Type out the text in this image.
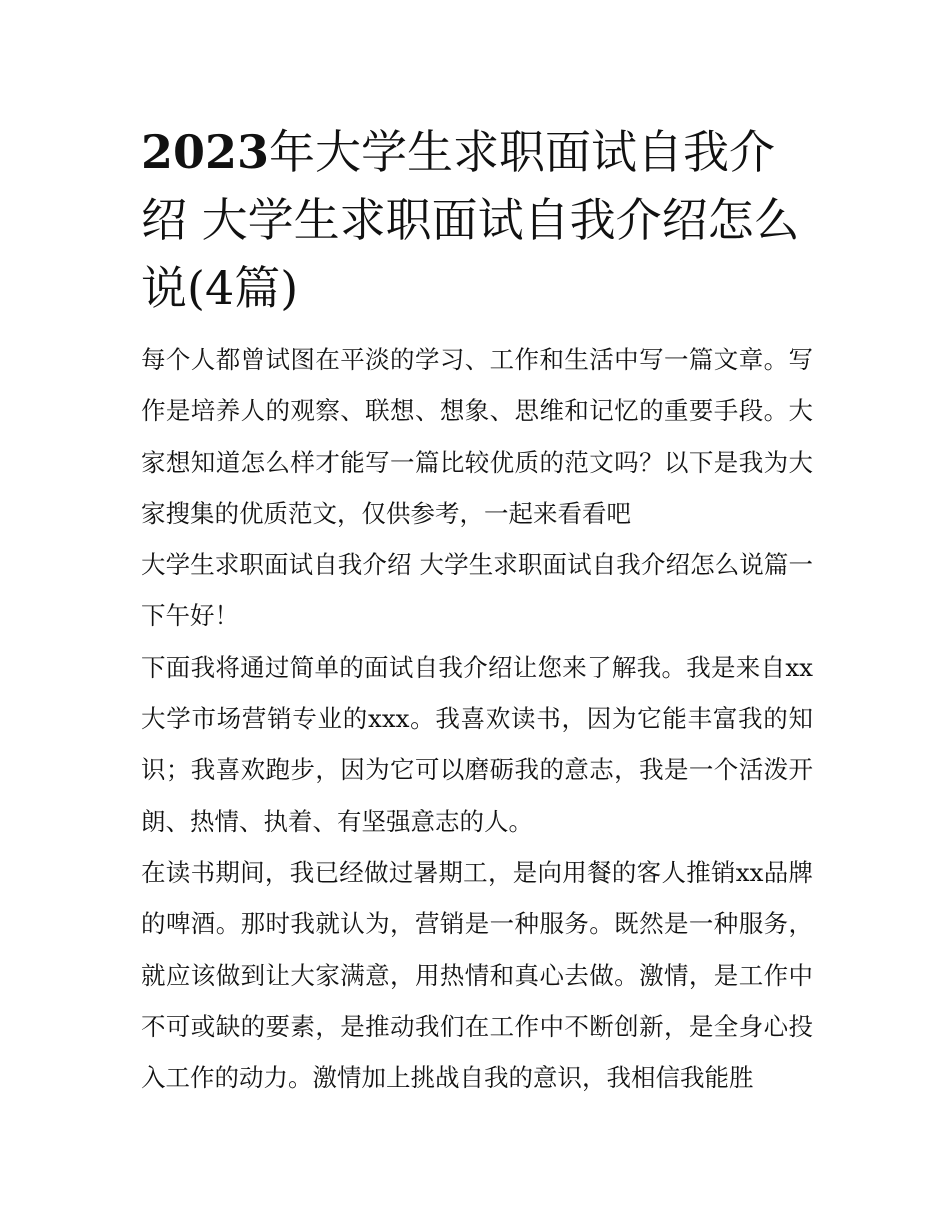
2023年大学生求职面试自我介绍 大学生求职面试自我介绍怎么说(4篇)

每个人都曾试图在平淡的学习、工作和生活中写一篇文章。写作是培养人的观察、联想、想象、思维和记忆的重要手段。大家想知道怎么样才能写一篇比较优质的范文吗？以下是我为大家搜集的优质范文，仅供参考，一起来看看吧

大学生求职面试自我介绍 大学生求职面试自我介绍怎么说篇一 下午好！

下面我将通过简单的面试自我介绍让您来了解我。我是来自xx大学市场营销专业的xxx。我喜欢读书，因为它能丰富我的知识；我喜欢跑步，因为它可以磨砺我的意志，我是一个活泼开朗、热情、执着、有坚强意志的人。

在读书期间，我已经做过暑期工，是向用餐的客人推销xx品牌的啤酒。那时我就认为，营销是一种服务。既然是一种服务，就应该做到让大家满意，用热情和真心去做。激情，是工作中不可或缺的要素，是推动我们在工作中不断创新，是全身心投入工作的动力。激情加上挑战自我的意识，我相信我能胜
